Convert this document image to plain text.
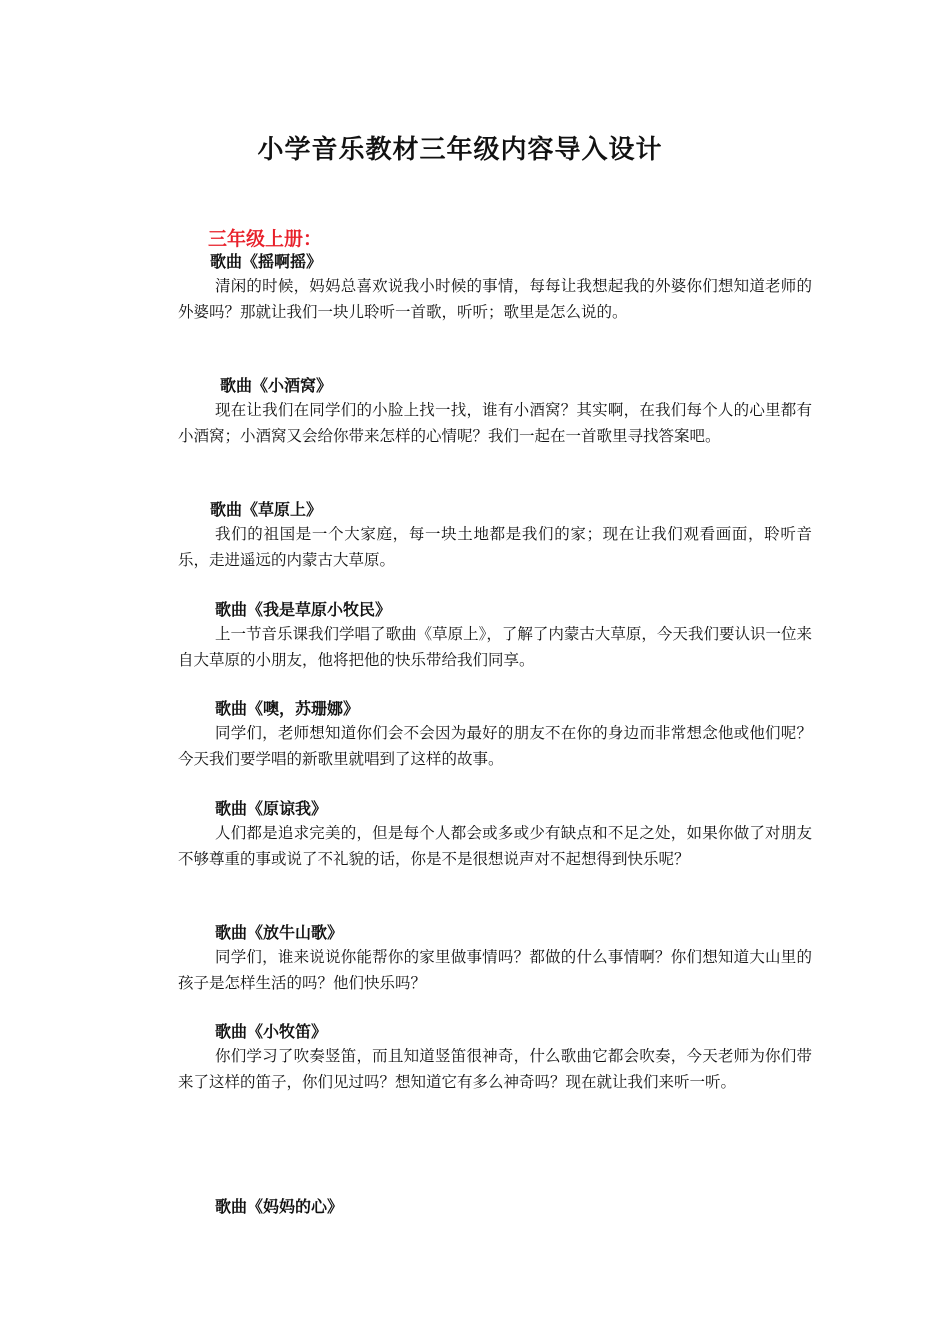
小学音乐教材三年级内容导入设计
三年级上册：
歌曲《摇啊摇》

清闲的时候，妈妈总喜欢说我小时候的事情，每每让我想起我的外婆你们想知道老师的外婆吗？那就让我们一块儿聆听一首歌，听听；歌里是怎么说的。

歌曲《小酒窝》

现在让我们在同学们的小脸上找一找，谁有小酒窝？其实啊，在我们每个人的心里都有小酒窝；小酒窝又会给你带来怎样的心情呢？我们一起在一首歌里寻找答案吧。

歌曲《草原上》

我们的祖国是一个大家庭，每一块土地都是我们的家；现在让我们观看画面，聆听音乐，走进遥远的内蒙古大草原。

歌曲《我是草原小牧民》

上一节音乐课我们学唱了歌曲《草原上》，了解了内蒙古大草原，今天我们要认识一位来自大草原的小朋友，他将把他的快乐带给我们同享。

歌曲《噢，苏珊娜》

同学们，老师想知道你们会不会因为最好的朋友不在你的身边而非常想念他或他们呢？今天我们要学唱的新歌里就唱到了这样的故事。

歌曲《原谅我》

人们都是追求完美的，但是每个人都会或多或少有缺点和不足之处，如果你做了对朋友不够尊重的事或说了不礼貌的话，你是不是很想说声对不起想得到快乐呢？

歌曲《放牛山歌》

同学们，谁来说说你能帮你的家里做事情吗？都做的什么事情啊？你们想知道大山里的孩子是怎样生活的吗？他们快乐吗？

歌曲《小牧笛》

你们学习了吹奏竖笛，而且知道竖笛很神奇，什么歌曲它都会吹奏，今天老师为你们带来了这样的笛子，你们见过吗？想知道它有多么神奇吗？现在就让我们来听一听。

歌曲《妈妈的心》
